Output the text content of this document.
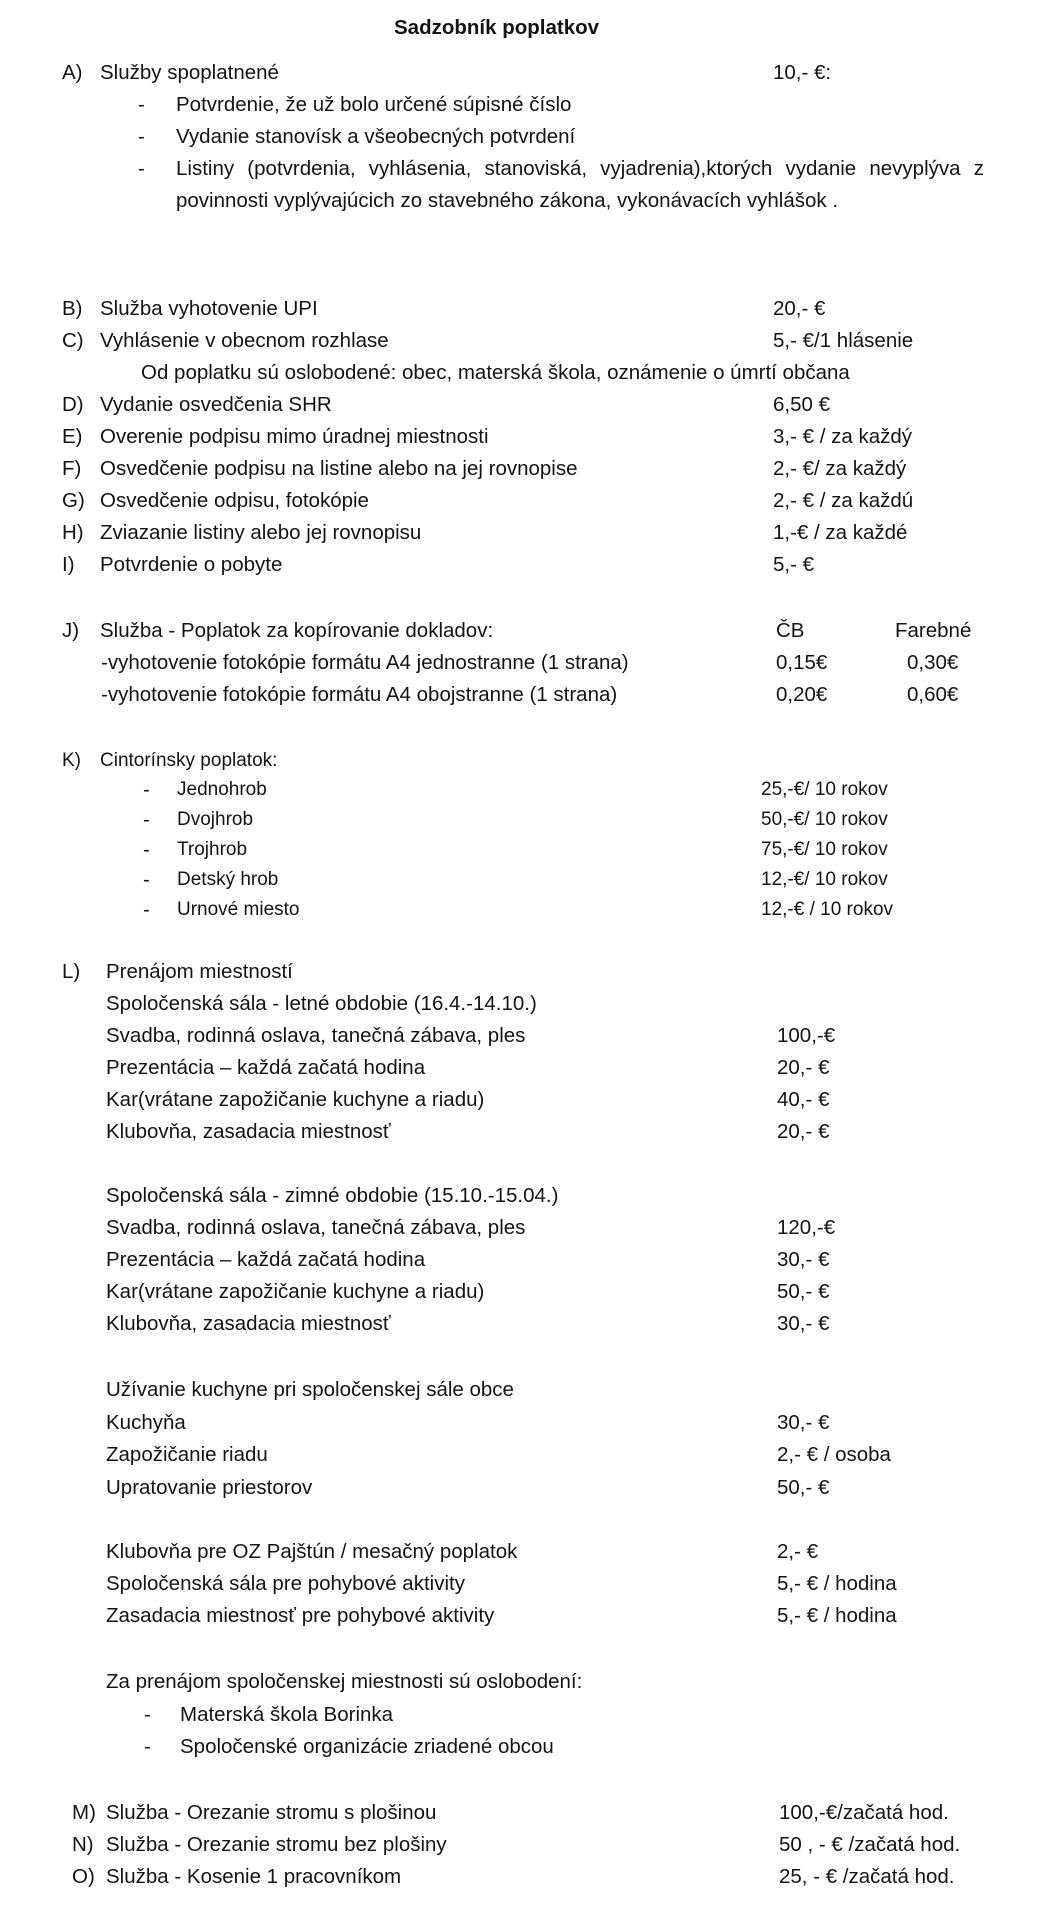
Sadzobník poplatkov
A) Služby spoplatnené	10,- €:
- Potvrdenie, že už bolo určené súpisné číslo
- Vydanie stanovísk a všeobecných potvrdení
- Listiny (potvrdenia, vyhlásenia, stanoviská, vyjadrenia),ktorých vydanie nevyplýva z povinnosti vyplývajúcich zo stavebného zákona, vykonávacích vyhlášok .
B) Služba vyhotovenie UPI	20,- €
C) Vyhlásenie v obecnom rozhlase	5,- €/1 hlásenie
Od poplatku sú oslobodené: obec, materská škola, oznámenie o úmrtí občana
D) Vydanie osvedčenia SHR	6,50 €
E) Overenie podpisu mimo úradnej miestnosti	3,- € / za každý
F) Osvedčenie podpisu na listine alebo na jej rovnopise	2,- €/ za každý
G) Osvedčenie odpisu, fotokópie	2,- € / za každú
H) Zviazanie listiny alebo jej rovnopisu	1,-€ / za každé
I) Potvrdenie o pobyte	5,- €
J) Služba - Poplatok za kopírovanie dokladov:	ČB	Farebné
-vyhotovenie fotokópie formátu A4 jednostranne (1 strana)	0,15€	0,30€
-vyhotovenie fotokópie formátu A4 obojstranne (1 strana)	0,20€	0,60€
K) Cintorínsky poplatok:
- Jednohrob	25,-€/ 10 rokov
- Dvojhrob	50,-€/ 10 rokov
- Trojhrob	75,-€/ 10 rokov
- Detský hrob	12,-€/ 10 rokov
- Urnové miesto	12,-€ / 10 rokov
L) Prenájom miestností
Spoločenská sála - letné obdobie (16.4.-14.10.)
Svadba, rodinná oslava, tanečná zábava, ples	100,-€
Prezentácia – každá začatá hodina	20,- €
Kar(vrátane zapožičanie kuchyne a riadu)	40,- €
Klubovňa, zasadacia miestnosť	20,- €
Spoločenská sála - zimné obdobie (15.10.-15.04.)
Svadba, rodinná oslava, tanečná zábava, ples	120,-€
Prezentácia – každá začatá hodina	30,- €
Kar(vrátane zapožičanie kuchyne a riadu)	50,- €
Klubovňa, zasadacia miestnosť	30,- €
Užívanie kuchyne pri spoločenskej sále obce
Kuchyňa	30,- €
Zapožičanie riadu	2,- € / osoba
Upratovanie priestorov	50,- €
Klubovňa pre OZ Pajštún / mesačný poplatok	2,- €
Spoločenská sála pre pohybové aktivity	5,- € / hodina
Zasadacia miestnosť pre pohybové aktivity	5,- € / hodina
Za prenájom spoločenskej miestnosti sú oslobodení:
- Materská škola Borinka
- Spoločenské organizácie zriadené obcou
M) Služba - Orezanie stromu s plošinou	100,-€/začatá hod.
N) Služba - Orezanie stromu bez plošiny	50 , - € /začatá hod.
O) Služba - Kosenie 1 pracovníkom	25, - € /začatá hod.
